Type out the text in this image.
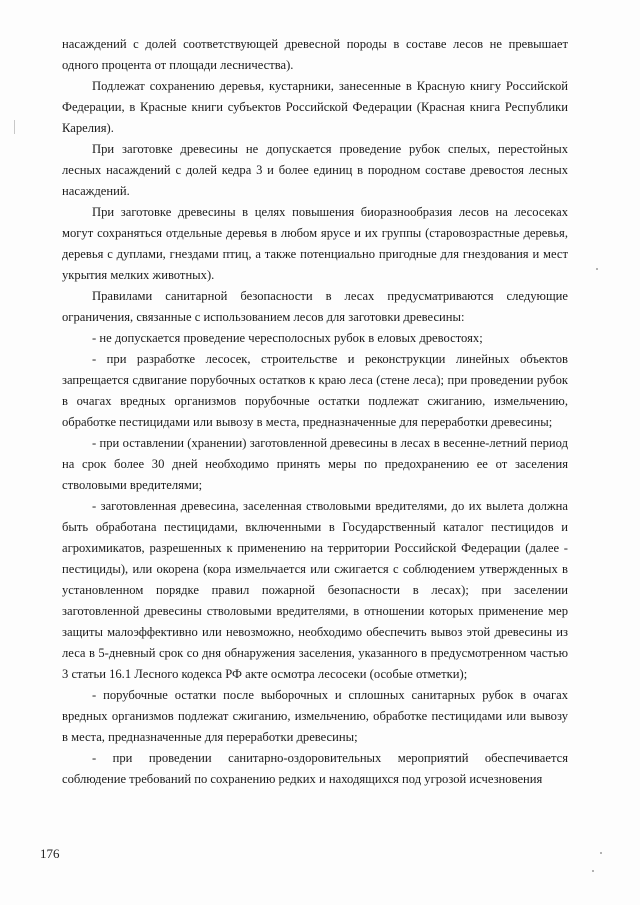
насаждений с долей соответствующей древесной породы в составе лесов не превышает одного процента от площади лесничества).

Подлежат сохранению деревья, кустарники, занесенные в Красную книгу Российской Федерации, в Красные книги субъектов Российской Федерации (Красная книга Республики Карелия).

При заготовке древесины не допускается проведение рубок спелых, перестойных лесных насаждений с долей кедра 3 и более единиц в породном составе древостоя лесных насаждений.

При заготовке древесины в целях повышения биоразнообразия лесов на лесосеках могут сохраняться отдельные деревья в любом ярусе и их группы (старовозрастные деревья, деревья с дуплами, гнездами птиц, а также потенциально пригодные для гнездования и мест укрытия мелких животных).

Правилами санитарной безопасности в лесах предусматриваются следующие ограничения, связанные с использованием лесов для заготовки древесины:

- не допускается проведение чересполосных рубок в еловых древостоях;

- при разработке лесосек, строительстве и реконструкции линейных объектов запрещается сдвигание порубочных остатков к краю леса (стене леса); при проведении рубок в очагах вредных организмов порубочные остатки подлежат сжиганию, измельчению, обработке пестицидами или вывозу в места, предназначенные для переработки древесины;

- при оставлении (хранении) заготовленной древесины в лесах в весенне-летний период на срок более 30 дней необходимо принять меры по предохранению ее от заселения стволовыми вредителями;

- заготовленная древесина, заселенная стволовыми вредителями, до их вылета должна быть обработана пестицидами, включенными в Государственный каталог пестицидов и агрохимикатов, разрешенных к применению на территории Российской Федерации (далее - пестициды), или окорена (кора измельчается или сжигается с соблюдением утвержденных в установленном порядке правил пожарной безопасности в лесах); при заселении заготовленной древесины стволовыми вредителями, в отношении которых применение мер защиты малоэффективно или невозможно, необходимо обеспечить вывоз этой древесины из леса в 5-дневный срок со дня обнаружения заселения, указанного в предусмотренном частью 3 статьи 16.1 Лесного кодекса РФ акте осмотра лесосеки (особые отметки);

- порубочные остатки после выборочных и сплошных санитарных рубок в очагах вредных организмов подлежат сжиганию, измельчению, обработке пестицидами или вывозу в места, предназначенные для переработки древесины;

- при проведении санитарно-оздоровительных мероприятий обеспечивается соблюдение требований по сохранению редких и находящихся под угрозой исчезновения

176
